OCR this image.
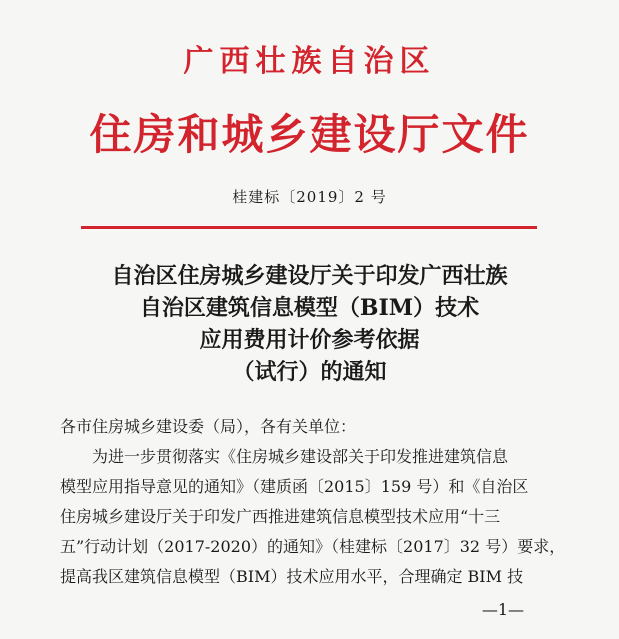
广西壮族自治区
住房和城乡建设厅文件
桂建标〔2019〕2 号
自治区住房城乡建设厅关于印发广西壮族
自治区建筑信息模型（BIM）技术
应用费用计价参考依据
（试行）的通知
各市住房城乡建设委（局），各有关单位：
为进一步贯彻落实《住房城乡建设部关于印发推进建筑信息
模型应用指导意见的通知》（建质函〔2015〕159 号）和《自治区
住房城乡建设厅关于印发广西推进建筑信息模型技术应用“十三
五”行动计划（2017-2020）的通知》（桂建标〔2017〕32 号）要求，
提高我区建筑信息模型（BIM）技术应用水平，合理确定 BIM 技
—1—
